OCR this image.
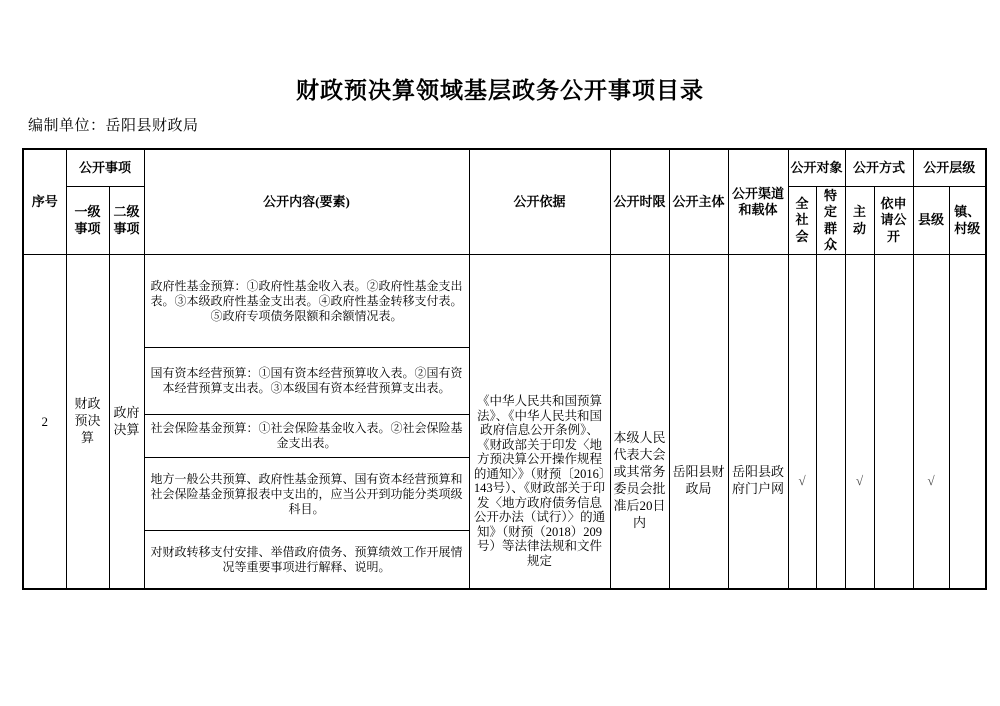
财政预决算领域基层政务公开事项目录
编制单位：岳阳县财政局
序号	公开事项		公开内容(要素)	公开依据	公开时限	公开主体	公开渠道和载体	公开对象		公开方式		公开层级	
	一级事项	二级事项						全社会	特定群众	主动	依申请公开	县级	镇、村级
2	财政预决算	政府决算	政府性基金预算：①政府性基金收入表。②政府性基金支出表。③本级政府性基金支出表。④政府性基金转移支付表。⑤政府专项债务限额和余额情况表。	《中华人民共和国预算法》、《中华人民共和国政府信息公开条例》、《财政部关于印发〈地方预决算公开操作规程的通知〉》（财预〔2016〕143号）、《财政部关于印发〈地方政府债务信息公开办法（试行）〉的通知》（财预（2018）209号）等法律法规和文件规定	本级人民代表大会或其常务委员会批准后20日内	岳阳县财政局	岳阳县政府门户网	√		√		√	
			国有资本经营预算：①国有资本经营预算收入表。②国有资本经营预算支出表。③本级国有资本经营预算支出表。										
			社会保险基金预算：①社会保险基金收入表。②社会保险基金支出表。										
			地方一般公共预算、政府性基金预算、国有资本经营预算和社会保险基金预算报表中支出的，应当公开到功能分类项级科目。										
			对财政转移支付安排、举借政府债务、预算绩效工作开展情况等重要事项进行解释、说明。										
